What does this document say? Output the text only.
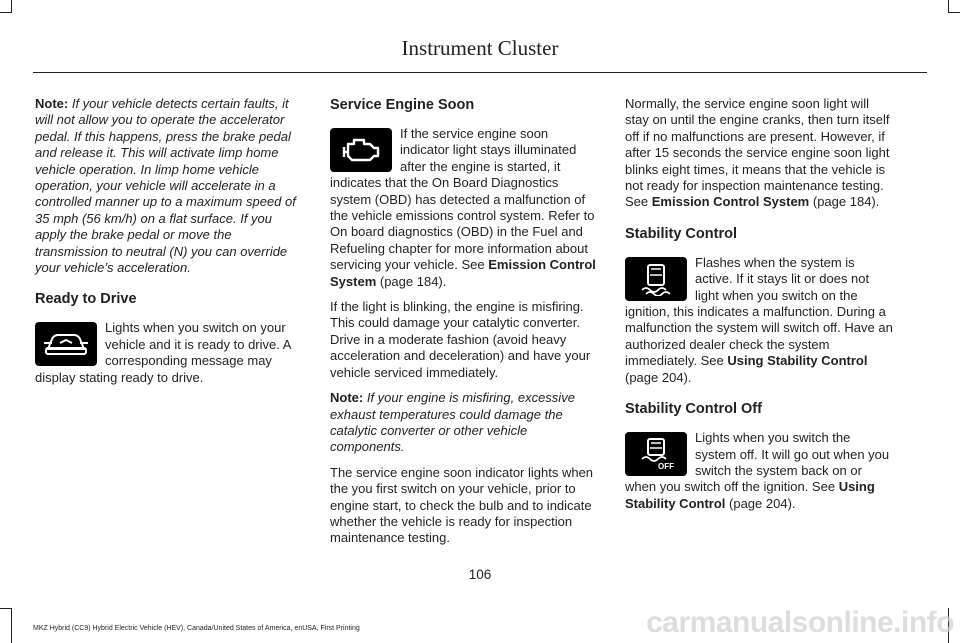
Instrument Cluster

Note: If your vehicle detects certain faults, it will not allow you to operate the accelerator pedal. If this happens, press the brake pedal and release it. This will activate limp home vehicle operation. In limp home vehicle operation, your vehicle will accelerate in a controlled manner up to a maximum speed of 35 mph (56 km/h) on a flat surface. If you apply the brake pedal or move the transmission to neutral (N) you can override your vehicle’s acceleration.

Ready to Drive

Lights when you switch on your vehicle and it is ready to drive. A corresponding message may display stating ready to drive.

Service Engine Soon

If the service engine soon indicator light stays illuminated after the engine is started, it indicates that the On Board Diagnostics system (OBD) has detected a malfunction of the vehicle emissions control system. Refer to On board diagnostics (OBD) in the Fuel and Refueling chapter for more information about servicing your vehicle. See Emission Control System (page 184).

If the light is blinking, the engine is misfiring. This could damage your catalytic converter. Drive in a moderate fashion (avoid heavy acceleration and deceleration) and have your vehicle serviced immediately.

Note: If your engine is misfiring, excessive exhaust temperatures could damage the catalytic converter or other vehicle components.

The service engine soon indicator lights when the you first switch on your vehicle, prior to engine start, to check the bulb and to indicate whether the vehicle is ready for inspection maintenance testing.

Normally, the service engine soon light will stay on until the engine cranks, then turn itself off if no malfunctions are present. However, if after 15 seconds the service engine soon light blinks eight times, it means that the vehicle is not ready for inspection maintenance testing. See Emission Control System (page 184).

Stability Control

Flashes when the system is active. If it stays lit or does not light when you switch on the ignition, this indicates a malfunction. During a malfunction the system will switch off. Have an authorized dealer check the system immediately. See Using Stability Control (page 204).

Stability Control Off
OFF

Lights when you switch the system off. It will go out when you switch the system back on or when you switch off the ignition. See Using Stability Control (page 204).

106
MKZ Hybrid (CC9) Hybrid Electric Vehicle (HEV), Canada/United States of America, enUSA, First Printing	carmanualsonline.info
